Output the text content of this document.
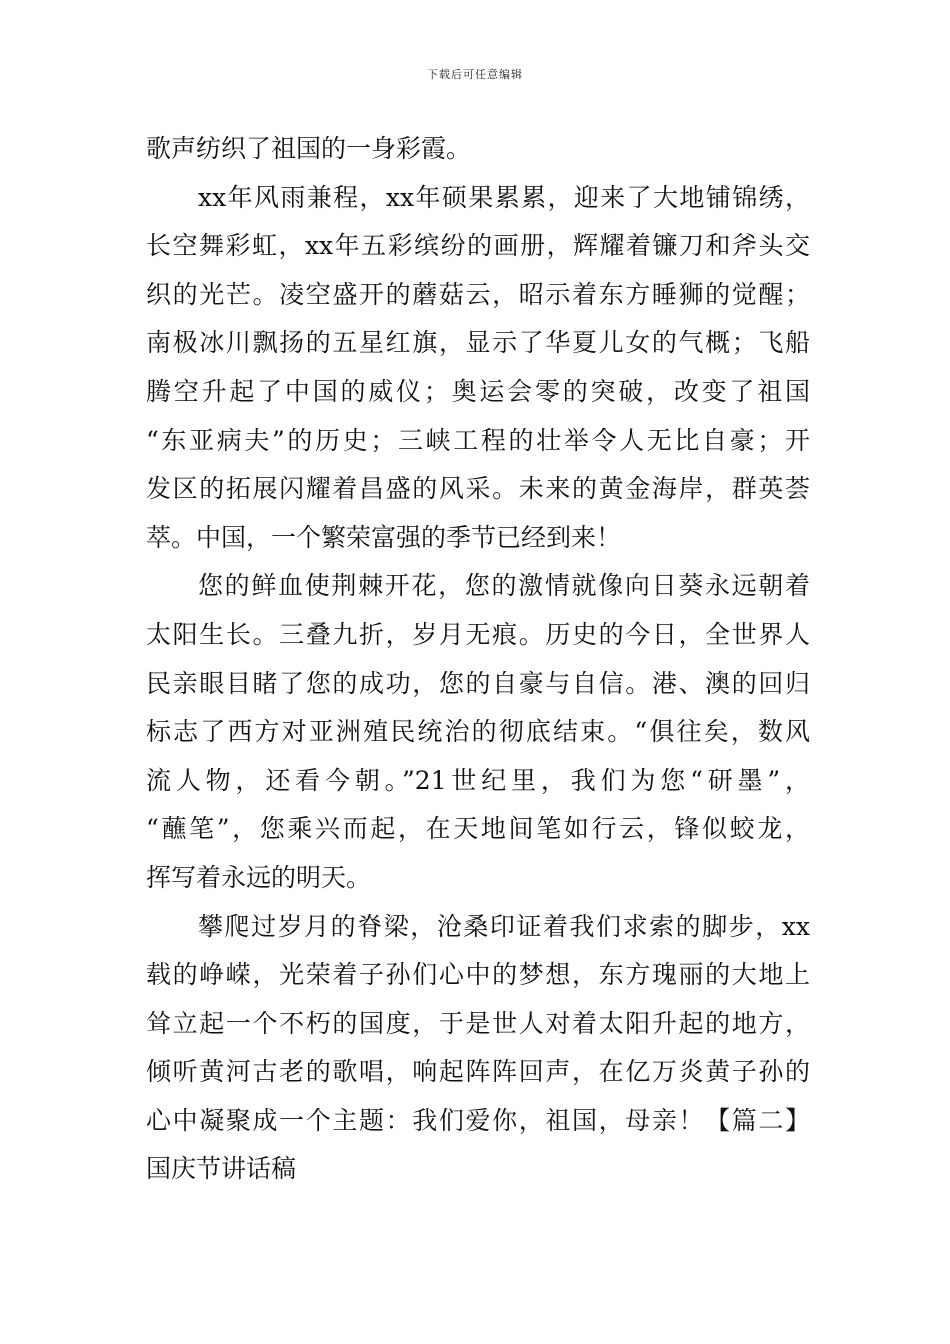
下载后可任意编辑
歌声纺织了祖国的一身彩霞。
xx年风雨兼程，xx年硕果累累，迎来了大地铺锦绣，
长空舞彩虹，xx年五彩缤纷的画册，辉耀着镰刀和斧头交
织的光芒。凌空盛开的蘑菇云，昭示着东方睡狮的觉醒；
南极冰川飘扬的五星红旗，显示了华夏儿女的气概；飞船
腾空升起了中国的威仪；奥运会零的突破，改变了祖国
“东亚病夫”的历史；三峡工程的壮举令人无比自豪；开
发区的拓展闪耀着昌盛的风采。未来的黄金海岸，群英荟
萃。中国，一个繁荣富强的季节已经到来！
您的鲜血使荆棘开花，您的激情就像向日葵永远朝着
太阳生长。三叠九折，岁月无痕。历史的今日，全世界人
民亲眼目睹了您的成功，您的自豪与自信。港、澳的回归
标志了西方对亚洲殖民统治的彻底结束。“俱往矣，数风
流人物，还看今朝。”21世纪里，我们为您“研墨”，
“蘸笔”，您乘兴而起，在天地间笔如行云，锋似蛟龙，
挥写着永远的明天。
攀爬过岁月的脊梁，沧桑印证着我们求索的脚步，xx
载的峥嵘，光荣着子孙们心中的梦想，东方瑰丽的大地上
耸立起一个不朽的国度，于是世人对着太阳升起的地方，
倾听黄河古老的歌唱，响起阵阵回声，在亿万炎黄子孙的
心中凝聚成一个主题：我们爱你，祖国，母亲！【篇二】
国庆节讲话稿
